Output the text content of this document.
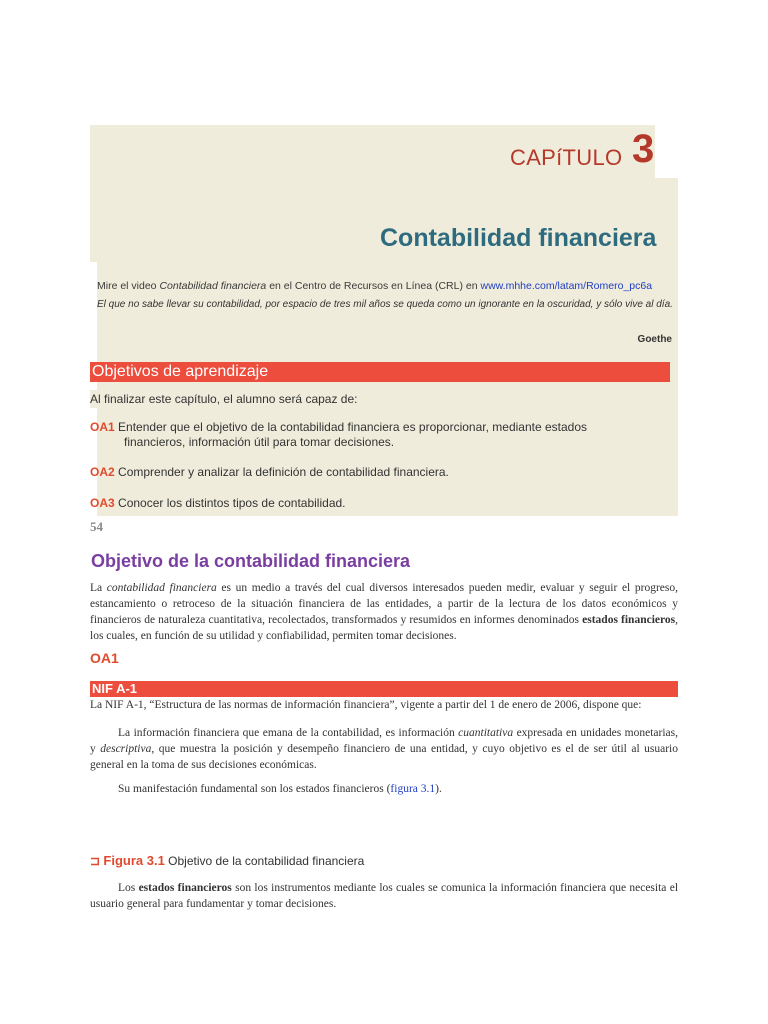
CAPíTULO 3
Contabilidad financiera
Mire el video Contabilidad financiera en el Centro de Recursos en Línea (CRL) en www.mhhe.com/latam/Romero_pc6a
El que no sabe llevar su contabilidad, por espacio de tres mil años se queda como un ignorante en la oscuridad, y sólo vive al día.
Goethe
Objetivos de aprendizaje
Al finalizar este capítulo, el alumno será capaz de:
OA1 Entender que el objetivo de la contabilidad financiera es proporcionar, mediante estados
financieros, información útil para tomar decisiones.
OA2 Comprender y analizar la definición de contabilidad financiera.
OA3 Conocer los distintos tipos de contabilidad.
54
Objetivo de la contabilidad financiera
La contabilidad financiera es un medio a través del cual diversos interesados pueden medir, evaluar y seguir el progreso, estancamiento o retroceso de la situación financiera de las entidades, a partir de la lectura de los datos económicos y financieros de naturaleza cuantitativa, recolectados, transformados y resumidos en informes denominados estados financieros, los cuales, en función de su utilidad y confiabilidad, permiten tomar decisiones.
OA1
NIF A-1
La NIF A-1, “Estructura de las normas de información financiera”, vigente a partir del 1 de enero de 2006, dispone que:
La información financiera que emana de la contabilidad, es información cuantitativa expresada en unidades monetarias, y descriptiva, que muestra la posición y desempeño financiero de una entidad, y cuyo objetivo es el de ser útil al usuario general en la toma de sus decisiones económicas.
Su manifestación fundamental son los estados financieros (figura 3.1).
⊐ Figura 3.1 Objetivo de la contabilidad financiera
Los estados financieros son los instrumentos mediante los cuales se comunica la información financiera que necesita el usuario general para fundamentar y tomar decisiones.
